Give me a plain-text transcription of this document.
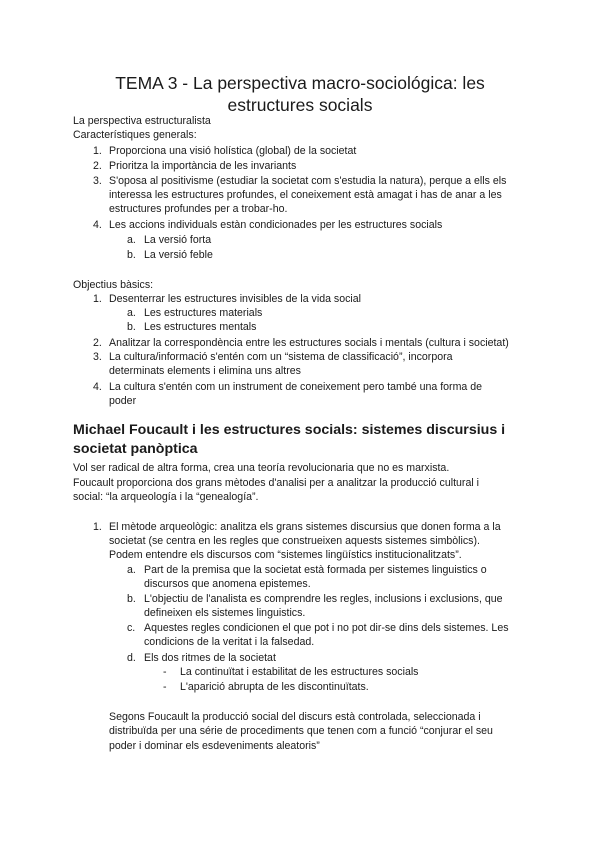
TEMA 3 - La perspectiva macro-sociológica: les
estructures socials
La perspectiva estructuralista
Característiques generals:
1. Proporciona una visió holística (global) de la societat
2. Prioritza la importància de les invariants
3. S'oposa al positivisme (estudiar la societat com s'estudia la natura), perque a ells els
interessa les estructures profundes, el coneixement està amagat i has de anar a les
estructures profundes per a trobar-ho.
4. Les accions individuals estàn condicionades per les estructures socials
a. La versió forta
b. La versió feble
Objectius bàsics:
1. Desenterrar les estructures invisibles de la vida social
a. Les estructures materials
b. Les estructures mentals
2. Analitzar la correspondència entre les estructures socials i mentals (cultura i societat)
3. La cultura/informació s'entén com un “sistema de classificació”, incorpora
determinats elements i elimina uns altres
4. La cultura s'entén com un instrument de coneixement pero també una forma de
poder
Michael Foucault i les estructures socials: sistemes discursius i
societat panòptica
Vol ser radical de altra forma, crea una teoría revolucionaria que no es marxista.
Foucault proporciona dos grans mètodes d'analisi per a analitzar la producció cultural i
social: “la arqueología i la “genealogía”.
1. El mètode arqueològic: analitza els grans sistemes discursius que donen forma a la
societat (se centra en les regles que construeixen aquests sistemes simbòlics).
Podem entendre els discursos com “sistemes lingüístics institucionalitzats”.
a. Part de la premisa que la societat està formada per sistemes linguistics o
discursos que anomena epistemes.
b. L'objectiu de l'analista es comprendre les regles, inclusions i exclusions, que
defineixen els sistemes linguistics.
c. Aquestes regles condicionen el que pot i no pot dir-se dins dels sistemes. Les
condicions de la veritat i la falsedad.
d. Els dos ritmes de la societat
- La continuïtat i estabilitat de les estructures socials
- L'aparició abrupta de les discontinuïtats.
Segons Foucault la producció social del discurs està controlada, seleccionada i
distribuïda per una série de procediments que tenen com a funció “conjurar el seu
poder i dominar els esdeveniments aleatoris”
